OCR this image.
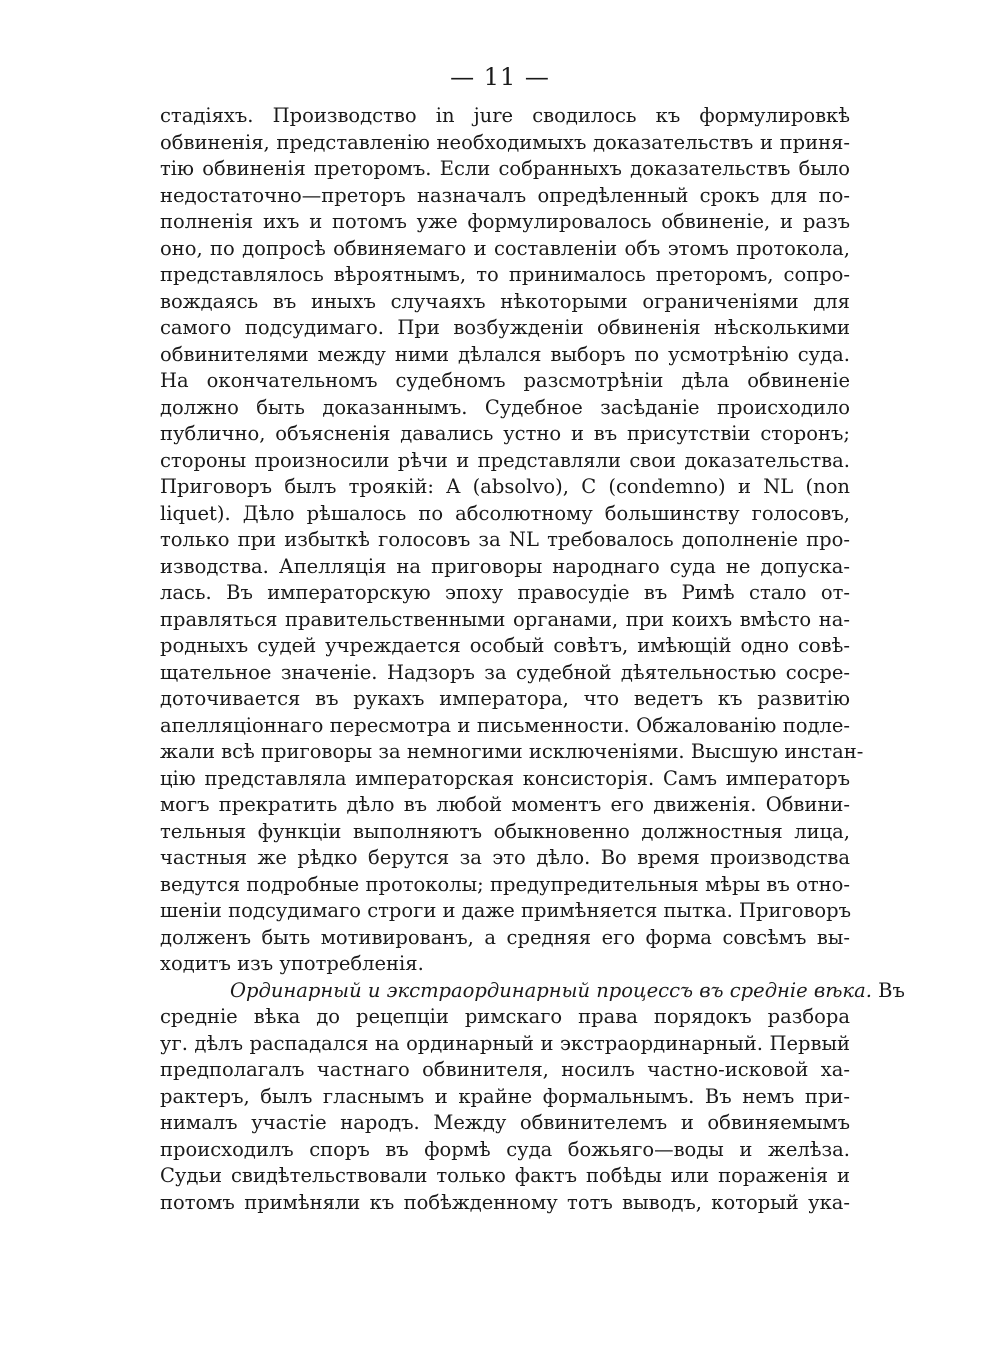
— 11 —
стадіяхъ. Производство in jure сводилось къ формулировкѣ
обвиненія, представленію необходимыхъ доказательствъ и приня-
тію обвиненія преторомъ. Если собранныхъ доказательствъ было
недостаточно—преторъ назначалъ опредѣленный срокъ для по-
полненія ихъ и потомъ уже формулировалось обвиненіе, и разъ
оно, по допросѣ обвиняемаго и составленіи объ этомъ протокола,
представлялось вѣроятнымъ, то принималось преторомъ, сопро-
вождаясь въ иныхъ случаяхъ нѣкоторыми ограниченіями для
самого подсудимаго. При возбужденіи обвиненія нѣсколькими
обвинителями между ними дѣлался выборъ по усмотрѣнію суда.
На окончательномъ судебномъ разсмотрѣніи дѣла обвиненіе
должно быть доказаннымъ. Судебное засѣданіе происходило
публично, объясненія давались устно и въ присутствіи сторонъ;
стороны произносили рѣчи и представляли свои доказательства.
Приговоръ былъ троякій: A (absolvo), C (condemno) и NL (non
liquet). Дѣло рѣшалось по абсолютному большинству голосовъ,
только при избыткѣ голосовъ за NL требовалось дополненіе про-
изводства. Апелляція на приговоры народнаго суда не допуска-
лась. Въ императорскую эпоху правосудіе въ Римѣ стало от-
правляться правительственными органами, при коихъ вмѣсто на-
родныхъ судей учреждается особый совѣтъ, имѣющій одно совѣ-
щательное значеніе. Надзоръ за судебной дѣятельностью сосре-
доточивается въ рукахъ императора, что ведетъ къ развитію
апелляціоннаго пересмотра и письменности. Обжалованію подле-
жали всѣ приговоры за немногими исключеніями. Высшую инстан-
цію представляла императорская консисторія. Самъ императоръ
могъ прекратить дѣло въ любой моментъ его движенія. Обвини-
тельныя функціи выполняютъ обыкновенно должностныя лица,
частныя же рѣдко берутся за это дѣло. Во время производства
ведутся подробные протоколы; предупредительныя мѣры въ отно-
шеніи подсудимаго строги и даже примѣняется пытка. Приговоръ
долженъ быть мотивированъ, а средняя его форма совсѣмъ вы-
ходитъ изъ употребленія.
Ординарный и экстраординарный процессъ въ средніе вѣка. Въ
средніе вѣка до рецепціи римскаго права порядокъ разбора
уг. дѣлъ распадался на ординарный и экстраординарный. Первый
предполагалъ частнаго обвинителя, носилъ частно-исковой ха-
рактеръ, былъ гласнымъ и крайне формальнымъ. Въ немъ при-
нималъ участіе народъ. Между обвинителемъ и обвиняемымъ
происходилъ споръ въ формѣ суда божьяго—воды и желѣза.
Судьи свидѣтельствовали только фактъ побѣды или пораженія и
потомъ примѣняли къ побѣжденному тотъ выводъ, который ука-
